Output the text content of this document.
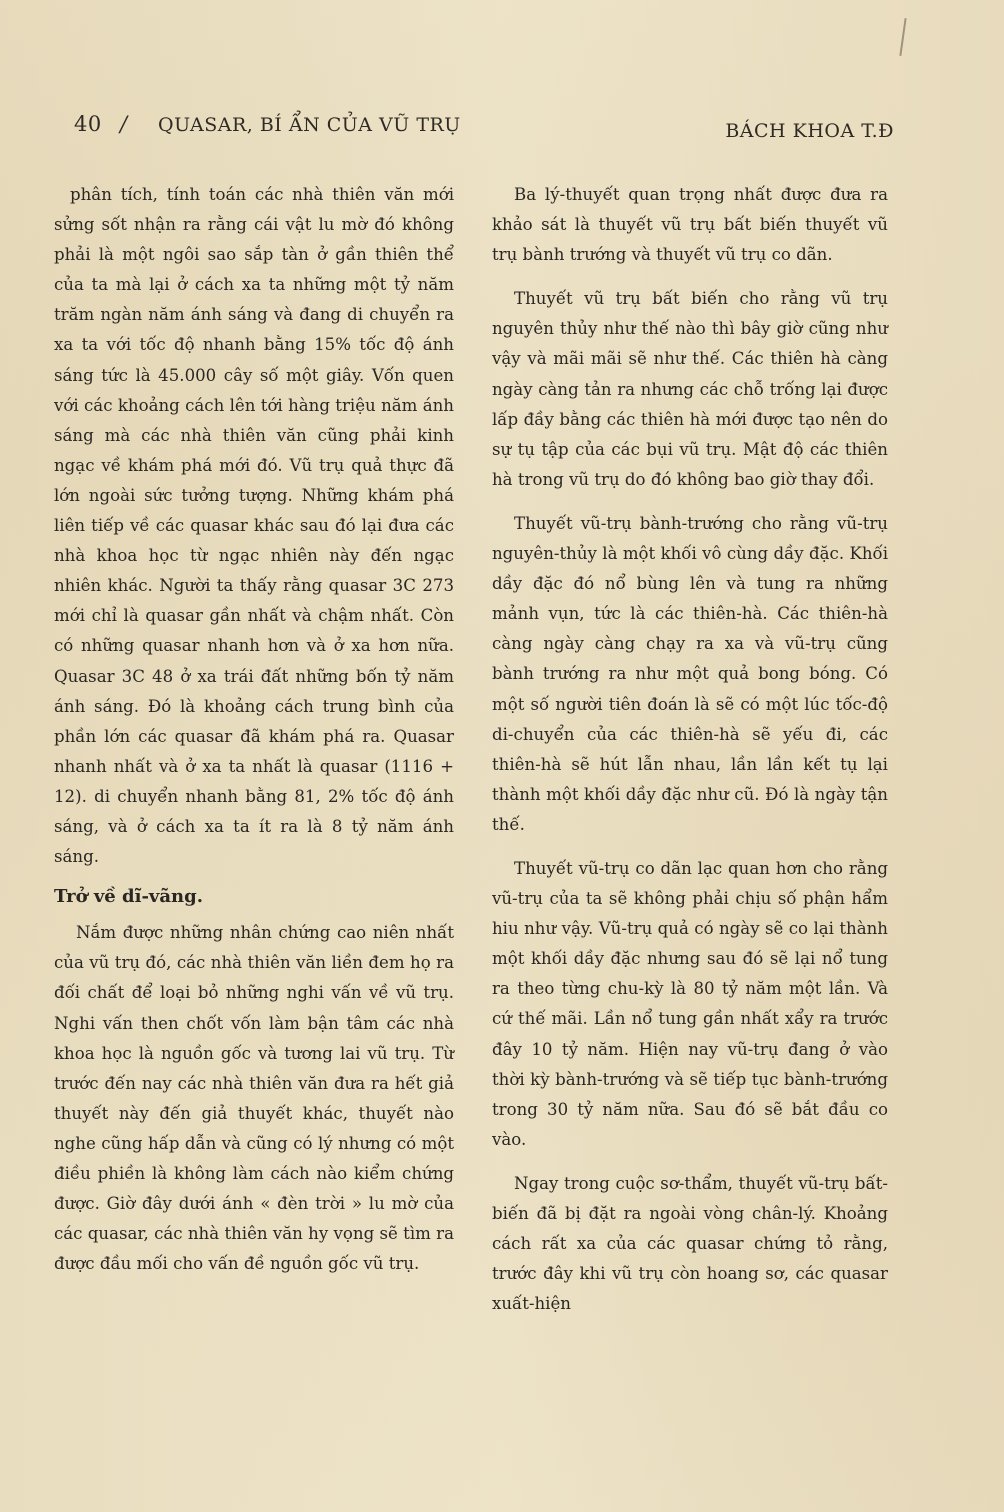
40 / QUASAR, BÍ ẨN CỦA VŨ TRỤ	BÁCH KHOA T.Đ

phân tích, tính toán các nhà thiên văn mới sửng sốt nhận ra rằng cái vật lu mờ đó không phải là một ngôi sao sắp tàn ở gần thiên thể của ta mà lại ở cách xa ta những một tỷ năm trăm ngàn năm ánh sáng và đang di chuyển ra xa ta với tốc độ nhanh bằng 15% tốc độ ánh sáng tức là 45.000 cây số một giây. Vốn quen với các khoảng cách lên tới hàng triệu năm ánh sáng mà các nhà thiên văn cũng phải kinh ngạc về khám phá mới đó. Vũ trụ quả thực đã lớn ngoài sức tưởng tượng. Những khám phá liên tiếp về các quasar khác sau đó lại đưa các nhà khoa học từ ngạc nhiên này đến ngạc nhiên khác. Người ta thấy rằng quasar 3C 273 mới chỉ là quasar gần nhất và chậm nhất. Còn có những quasar nhanh hơn và ở xa hơn nữa. Quasar 3C 48 ở xa trái đất những bốn tỷ năm ánh sáng. Đó là khoảng cách trung bình của phần lớn các quasar đã khám phá ra. Quasar nhanh nhất và ở xa ta nhất là quasar (1116 + 12). di chuyển nhanh bằng 81, 2% tốc độ ánh sáng, và ở cách xa ta ít ra là 8 tỷ năm ánh sáng.

Trở về dĩ-vãng.

Nắm được những nhân chứng cao niên nhất của vũ trụ đó, các nhà thiên văn liền đem họ ra đối chất để loại bỏ những nghi vấn về vũ trụ. Nghi vấn then chốt vốn làm bận tâm các nhà khoa học là nguồn gốc và tương lai vũ trụ. Từ trước đến nay các nhà thiên văn đưa ra hết giả thuyết này đến giả thuyết khác, thuyết nào nghe cũng hấp dẫn và cũng có lý nhưng có một điều phiền là không làm cách nào kiểm chứng được. Giờ đây dưới ánh « đèn trời » lu mờ của các quasar, các nhà thiên văn hy vọng sẽ tìm ra được đầu mối cho vấn đề nguồn gốc vũ trụ.

Ba lý-thuyết quan trọng nhất được đưa ra khảo sát là thuyết vũ trụ bất biến thuyết vũ trụ bành trướng và thuyết vũ trụ co dãn.

Thuyết vũ trụ bất biến cho rằng vũ trụ nguyên thủy như thế nào thì bây giờ cũng như vậy và mãi mãi sẽ như thế. Các thiên hà càng ngày càng tản ra nhưng các chỗ trống lại được lấp đầy bằng các thiên hà mới được tạo nên do sự tụ tập của các bụi vũ trụ. Mật độ các thiên hà trong vũ trụ do đó không bao giờ thay đổi.

Thuyết vũ-trụ bành-trướng cho rằng vũ-trụ nguyên-thủy là một khối vô cùng dầy đặc. Khối dầy đặc đó nổ bùng lên và tung ra những mảnh vụn, tức là các thiên-hà. Các thiên-hà càng ngày càng chạy ra xa và vũ-trụ cũng bành trướng ra như một quả bong bóng. Có một số người tiên đoán là sẽ có một lúc tốc-độ di-chuyển của các thiên-hà sẽ yếu đi, các thiên-hà sẽ hút lẫn nhau, lần lần kết tụ lại thành một khối dầy đặc như cũ. Đó là ngày tận thế.

Thuyết vũ-trụ co dãn lạc quan hơn cho rằng vũ-trụ của ta sẽ không phải chịu số phận hẩm hiu như vậy. Vũ-trụ quả có ngày sẽ co lại thành một khối dầy đặc nhưng sau đó sẽ lại nổ tung ra theo từng chu-kỳ là 80 tỷ năm một lần. Và cứ thế mãi. Lần nổ tung gần nhất xẩy ra trước đây 10 tỷ năm. Hiện nay vũ-trụ đang ở vào thời kỳ bành-trướng và sẽ tiếp tục bành-trướng trong 30 tỷ năm nữa. Sau đó sẽ bắt đầu co vào.

Ngay trong cuộc sơ-thẩm, thuyết vũ-trụ bất-biến đã bị đặt ra ngoài vòng chân-lý. Khoảng cách rất xa của các quasar chứng tỏ rằng, trước đây khi vũ trụ còn hoang sơ, các quasar xuất-hiện
